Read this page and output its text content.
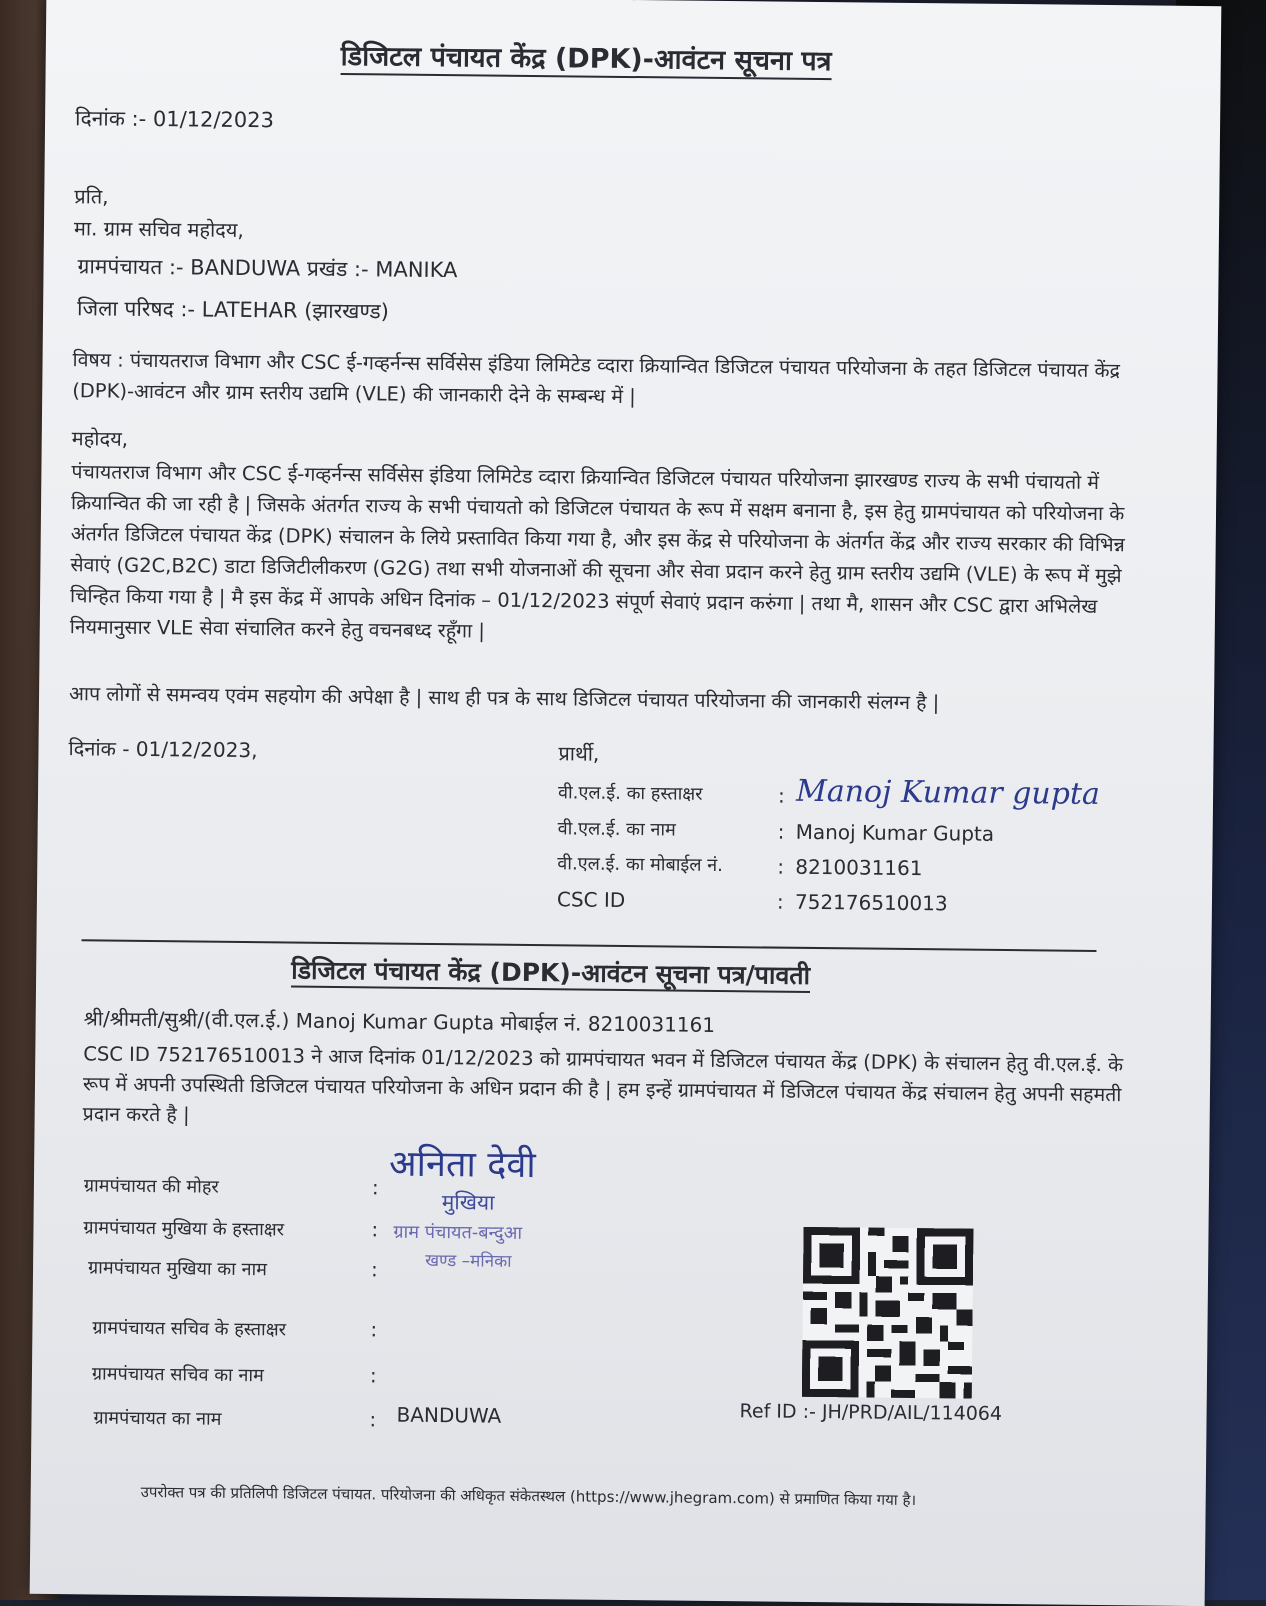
डिजिटल पंचायत केंद्र (DPK)-आवंटन सूचना पत्र
दिनांक :- 01/12/2023
प्रति,
मा. ग्राम सचिव महोदय,
ग्रामपंचायत :- BANDUWA प्रखंड :- MANIKA
जिला परिषद :- LATEHAR (झारखण्ड)
विषय : पंचायतराज विभाग और CSC ई-गव्हर्नन्स सर्विसेस इंडिया लिमिटेड व्दारा क्रियान्वित डिजिटल पंचायत परियोजना के तहत डिजिटल पंचायत केंद्र (DPK)-आवंटन और ग्राम स्तरीय उद्यमि (VLE) की जानकारी देने के सम्बन्ध में |
महोदय,
पंचायतराज विभाग और CSC ई-गव्हर्नन्स सर्विसेस इंडिया लिमिटेड व्दारा क्रियान्वित डिजिटल पंचायत परियोजना झारखण्ड राज्य के सभी पंचायतो में क्रियान्वित की जा रही है | जिसके अंतर्गत राज्य के सभी पंचायतो को डिजिटल पंचायत के रूप में सक्षम बनाना है, इस हेतु ग्रामपंचायत को परियोजना के अंतर्गत डिजिटल पंचायत केंद्र (DPK) संचालन के लिये प्रस्तावित किया गया है, और इस केंद्र से परियोजना के अंतर्गत केंद्र और राज्य सरकार की विभिन्न सेवाएं (G2C,B2C) डाटा डिजिटीलीकरण (G2G) तथा सभी योजनाओं की सूचना और सेवा प्रदान करने हेतु ग्राम स्तरीय उद्यमि (VLE) के रूप में मुझे चिन्हित किया गया है | मै इस केंद्र में आपके अधिन दिनांक – 01/12/2023 संपूर्ण सेवाएं प्रदान करुंगा | तथा मै, शासन और CSC द्वारा अभिलेख नियमानुसार VLE सेवा संचालित करने हेतु वचनबध्द रहूँगा |
आप लोगों से समन्वय एवंम सहयोग की अपेक्षा है | साथ ही पत्र के साथ डिजिटल पंचायत परियोजना की जानकारी संलग्न है |
दिनांक - 01/12/2023,	प्रार्थी,
वी.एल.ई. का हस्ताक्षर	: Manoj Kumar gupta
वी.एल.ई. का नाम	: Manoj Kumar Gupta
वी.एल.ई. का मोबाईल नं.	: 8210031161
CSC ID	: 752176510013
डिजिटल पंचायत केंद्र (DPK)-आवंटन सूचना पत्र/पावती
श्री/श्रीमती/सुश्री/(वी.एल.ई.) Manoj Kumar Gupta मोबाईल नं. 8210031161
CSC ID 752176510013 ने आज दिनांक 01/12/2023 को ग्रामपंचायत भवन में डिजिटल पंचायत केंद्र (DPK) के संचालन हेतु वी.एल.ई. के रूप में अपनी उपस्थिती डिजिटल पंचायत परियोजना के अधिन प्रदान की है | हम इन्हें ग्रामपंचायत में डिजिटल पंचायत केंद्र संचालन हेतु अपनी सहमती प्रदान करते है |
ग्रामपंचायत की मोहर	:
ग्रामपंचायत मुखिया के हस्ताक्षर	:
ग्रामपंचायत मुखिया का नाम	:
ग्रामपंचायत सचिव के हस्ताक्षर	:
ग्रामपंचायत सचिव का नाम	:
ग्रामपंचायत का नाम	: BANDUWA
अनिता देवी
मुखिया
ग्राम पंचायत-बन्दुआ
खण्ड –मनिका
Ref ID :- JH/PRD/AIL/114064
उपरोक्त पत्र की प्रतिलिपी डिजिटल पंचायत. परियोजना की अधिकृत संकेतस्थल (https://www.jhegram.com) से प्रमाणित किया गया है।
